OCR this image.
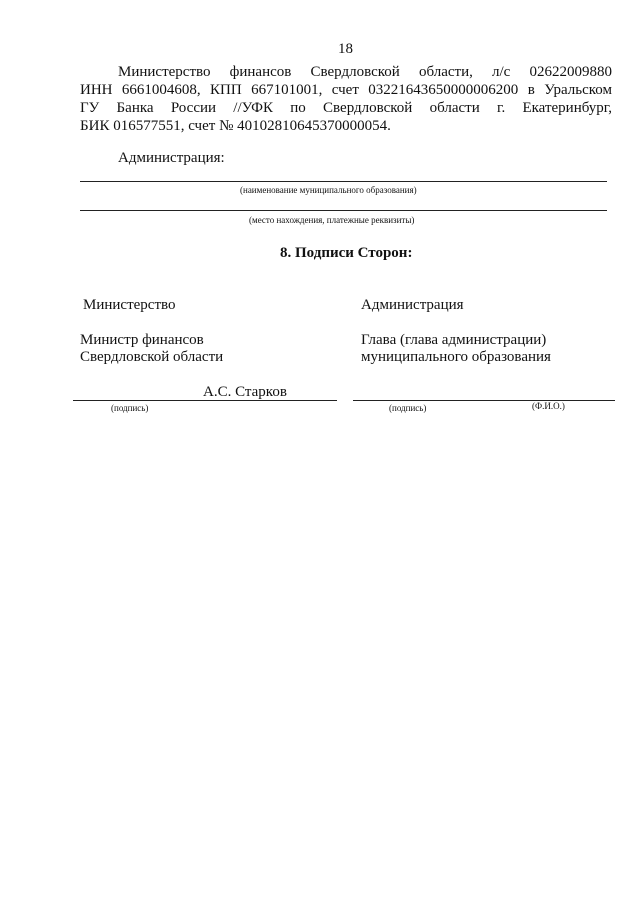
18
Министерство финансов Свердловской области, л/с 02622009880
ИНН 6661004608, КПП 667101001, счет 03221643650000006200 в Уральском
ГУ Банка России //УФК по Свердловской области г. Екатеринбург,
БИК 016577551, счет № 40102810645370000054.
Администрация:
(наименование муниципального образования)
(место нахождения, платежные реквизиты)
8. Подписи Сторон:
Министерство
Министр финансов
Свердловской области
А.С. Старков
(подпись)
Администрация
Глава (глава администрации)
муниципального образования
(подпись)	(Ф.И.О.)
